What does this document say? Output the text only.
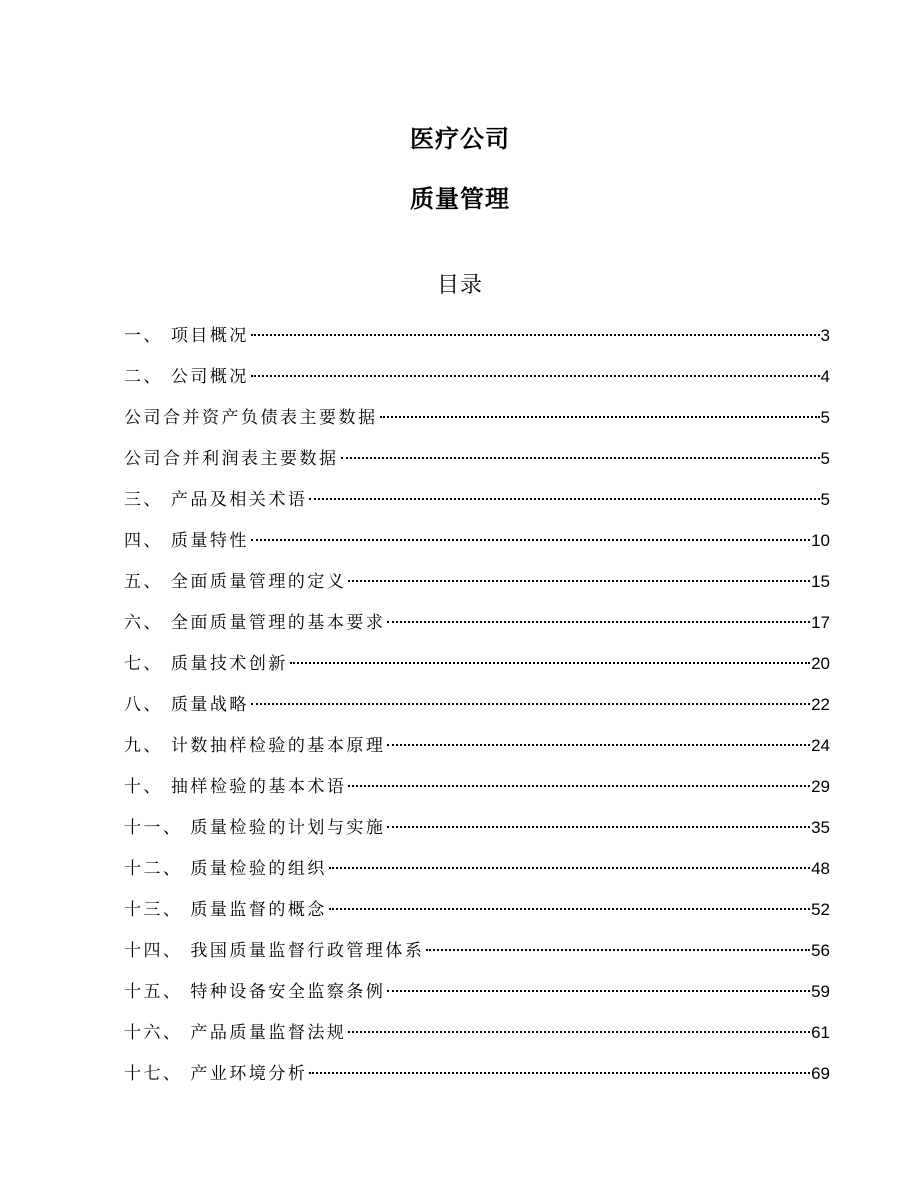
医疗公司
质量管理
目录
一、 项目概况	3
二、 公司概况	4
公司合并资产负债表主要数据	5
公司合并利润表主要数据	5
三、 产品及相关术语	5
四、 质量特性	10
五、 全面质量管理的定义	15
六、 全面质量管理的基本要求	17
七、 质量技术创新	20
八、 质量战略	22
九、 计数抽样检验的基本原理	24
十、 抽样检验的基本术语	29
十一、 质量检验的计划与实施	35
十二、 质量检验的组织	48
十三、 质量监督的概念	52
十四、 我国质量监督行政管理体系	56
十五、 特种设备安全监察条例	59
十六、 产品质量监督法规	61
十七、 产业环境分析	69
